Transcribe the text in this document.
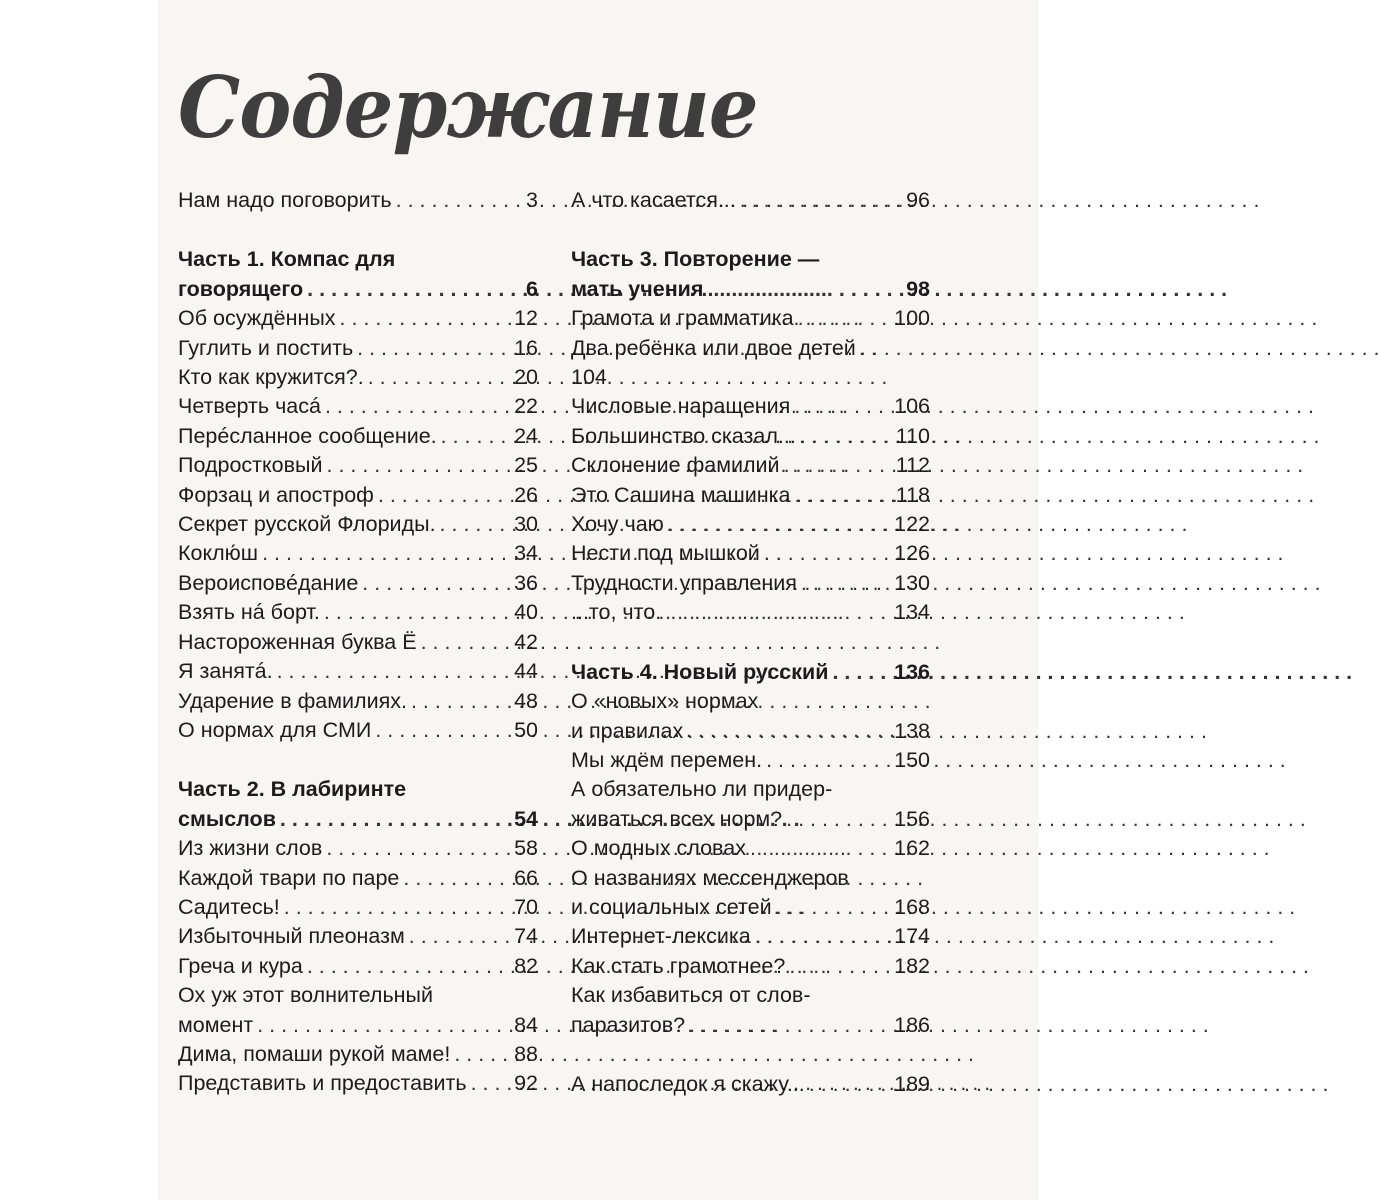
Содержание
Нам надо поговорить . . .	3
Часть 1. Компас для
говорящего . . .	6
Об осуждённых . . .	12
Гуглить и постить . . .	16
Кто как кружится?. . . .	20
Четверть часá . . .	22
Перéсланное сообщение. . . .	24
Подростковый . . .	25
Форзац и апостроф . . .	26
Секрет русской Флориды. . . .	30
Коклю́ш . . .	34
Вероисповéдание . . .	36
Взять нá борт. . . .	40
Настороженная буква Ё . . .	42
Я занятá. . . .	44
Ударение в фамилиях. . . .	48
О нормах для СМИ . . .	50
Часть 2. В лабиринте
смыслов . . .	54
Из жизни слов . . .	58
Каждой твари по паре . . .	66
Садитесь! . . .	70
Избыточный плеоназм . . .	74
Греча и кура . . .	82
Ох уж этот волнительный
момент . . .	84
Дима, помаши рукой маме! . . .	88
Представить и предоставить . . . 92
А что касается... . . .	96
Часть 3. Повторение —
мать учения . . .	98
Грамота и грамматика . . .	100
Два ребёнка или двое детей
. . .
104
Числовые наращения . . .	106
Большинство сказал... . . .	110
Склонение фамилий . . .	112
Это Сашина машинка . . .	118
Хочу чаю . . .	122
Нести под мышкой . . .	126
Трудности управления . . .	130
...то, что. . . .	134
Часть 4. Новый русский . . .	136
О «новых» нормах
и правилах . . .	138
Мы ждём перемен. . . .	150
А обязательно ли придер-
живаться всех норм? . . .	156
О модных словах . . .	162
О названиях мессенджеров
и социальных сетей . . .	168
Интернет-лексика . . .	174
Как стать грамотнее? . . .	182
Как избавиться от слов-
паразитов? . . .	186
А напоследок я скажу... . . .	189
